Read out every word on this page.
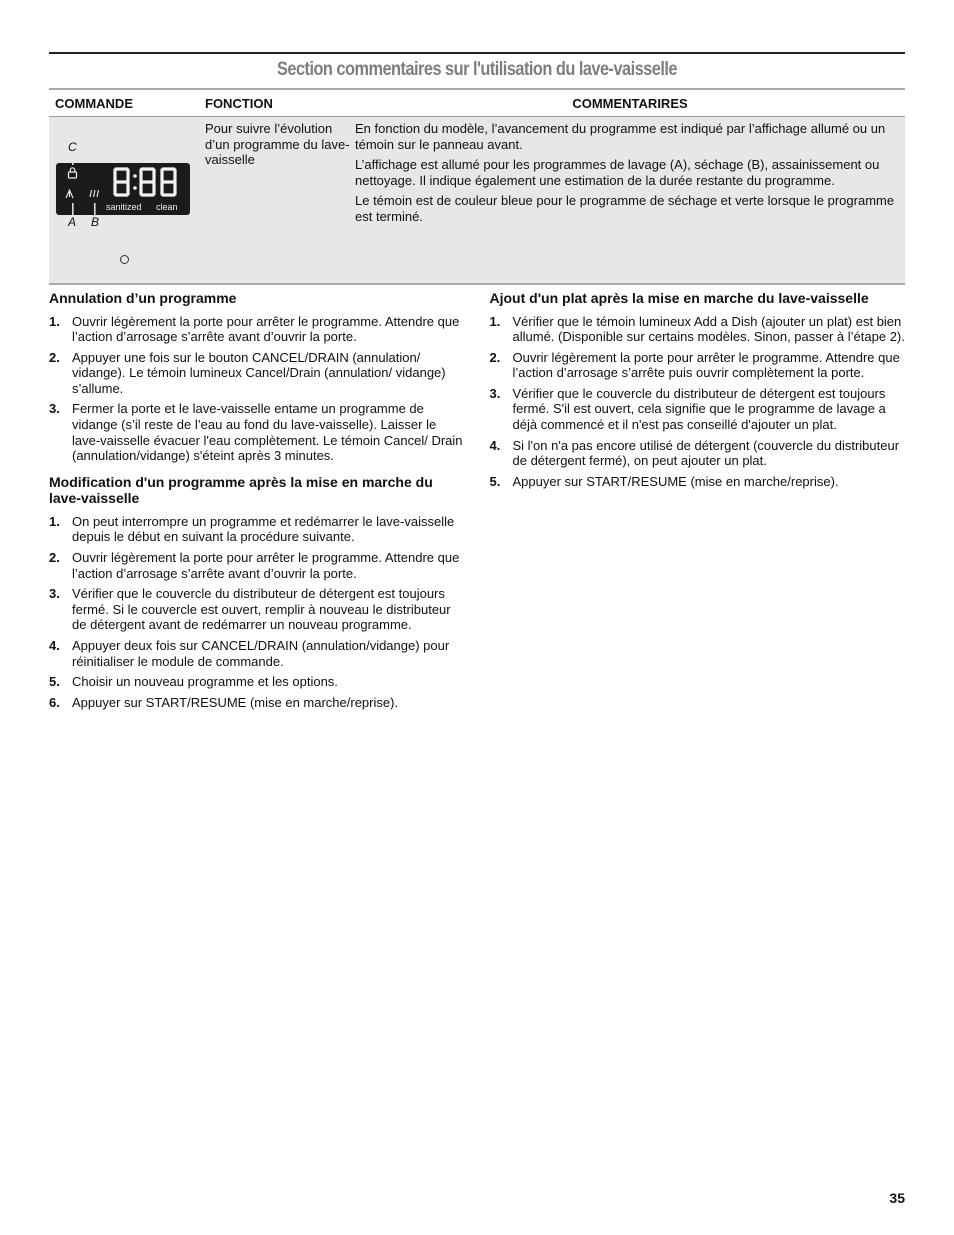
Section commentaires sur l'utilisation du lave-vaisselle
COMMANDE	FONCTION	COMMENTARIRES
C
sanitized clean
A B
Pour suivre l’évolution d’un programme du lave-vaisselle

En fonction du modèle, l’avancement du programme est indiqué par l’affichage allumé ou un témoin sur le panneau avant.

L’affichage est allumé pour les programmes de lavage (A), séchage (B), assainissement ou nettoyage. Il indique également une estimation de la durée restante du programme.

Le témoin est de couleur bleue pour le programme de séchage et verte lorsque le programme est terminé.

Annulation d’un programme
1. Ouvrir légèrement la porte pour arrêter le programme. Attendre que l’action d’arrosage s’arrête avant d’ouvrir la porte.
2. Appuyer une fois sur le bouton CANCEL/DRAIN (annulation/ vidange). Le témoin lumineux Cancel/Drain (annulation/ vidange) s’allume.
3. Fermer la porte et le lave-vaisselle entame un programme de vidange (s’il reste de l’eau au fond du lave-vaisselle). Laisser le lave-vaisselle évacuer l'eau complètement. Le témoin Cancel/ Drain (annulation/vidange) s'éteint après 3 minutes.
Modification d'un programme après la mise en marche du lave-vaisselle
1. On peut interrompre un programme et redémarrer le lave-vaisselle depuis le début en suivant la procédure suivante.
2. Ouvrir légèrement la porte pour arrêter le programme. Attendre que l’action d’arrosage s’arrête avant d’ouvrir la porte.
3. Vérifier que le couvercle du distributeur de détergent est toujours fermé. Si le couvercle est ouvert, remplir à nouveau le distributeur de détergent avant de redémarrer un nouveau programme.
4. Appuyer deux fois sur CANCEL/DRAIN (annulation/vidange) pour réinitialiser le module de commande.
5. Choisir un nouveau programme et les options.
6. Appuyer sur START/RESUME (mise en marche/reprise).
Ajout d'un plat après la mise en marche du lave-vaisselle
1. Vérifier que le témoin lumineux Add a Dish (ajouter un plat) est bien allumé. (Disponible sur certains modèles. Sinon, passer à l’étape 2).
2. Ouvrir légèrement la porte pour arrêter le programme. Attendre que l’action d’arrosage s’arrête puis ouvrir complètement la porte.
3. Vérifier que le couvercle du distributeur de détergent est toujours fermé. S'il est ouvert, cela signifie que le programme de lavage a déjà commencé et il n'est pas conseillé d'ajouter un plat.
4. Si l'on n'a pas encore utilisé de détergent (couvercle du distributeur de détergent fermé), on peut ajouter un plat.
5. Appuyer sur START/RESUME (mise en marche/reprise).
35
